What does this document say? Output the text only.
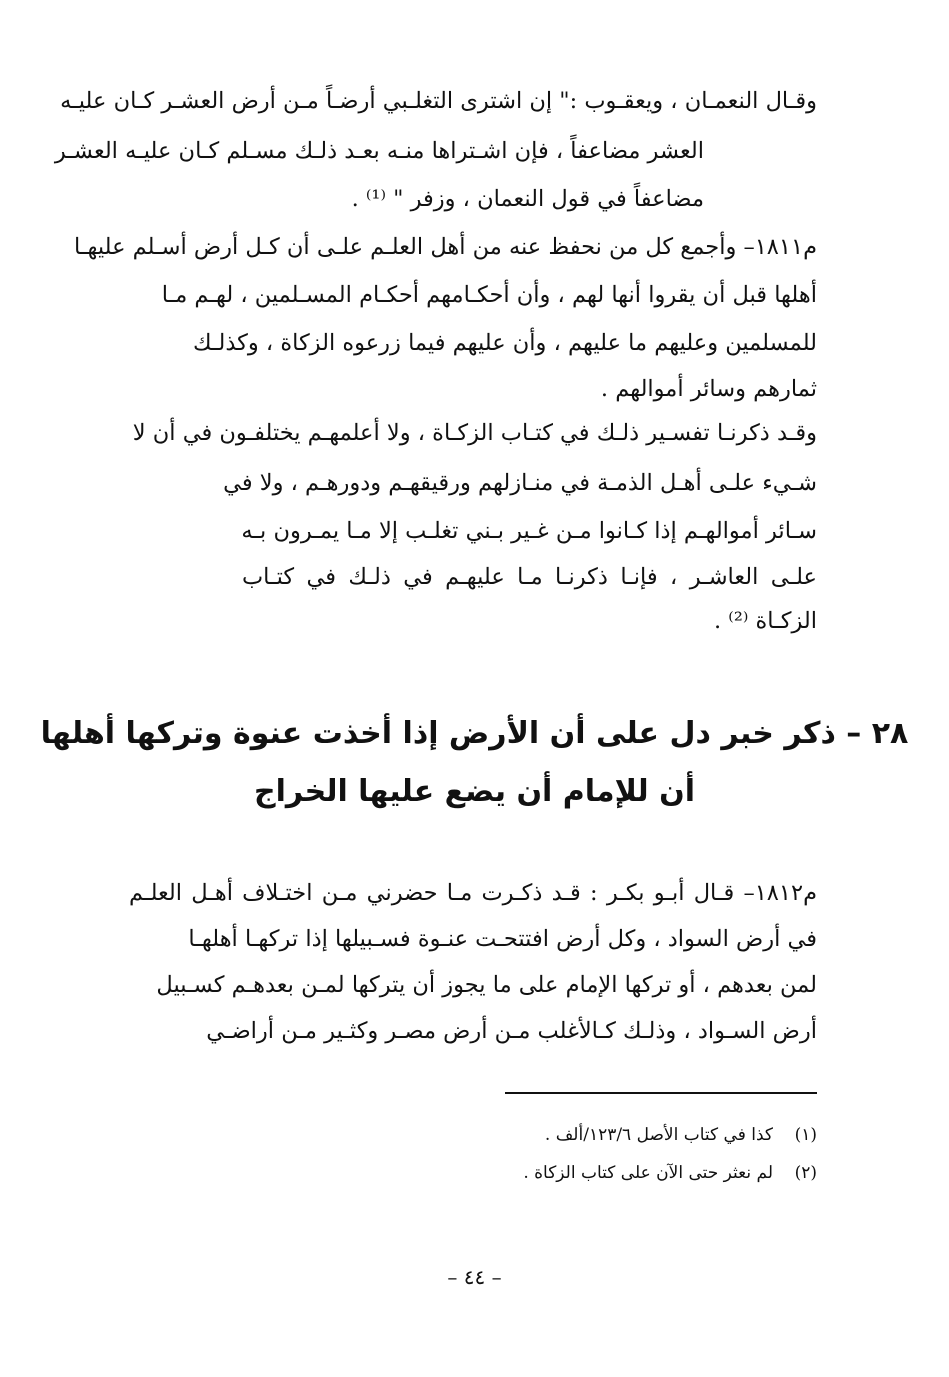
وقـال النعمـان ، ويعقـوب :" إن اشترى التغلـبي أرضـاً مـن أرض العشـر كـان عليـه
العشر مضاعفاً ، فإن اشـتراها منـه بعـد ذلـك مسـلم كـان عليـه العشـر
مضاعفاً في قول النعمان ، وزفر " ⁽¹⁾ .
م١٨١١– وأجمع كل من نحفظ عنه من أهل العلـم علـى أن كـل أرض أسـلم عليهـا
أهلها قبل أن يقروا أنها لهم ، وأن أحكـامهم أحكـام المسـلمين ، لهـم مـا
للمسلمين وعليهم ما عليهم ، وأن عليهم فيما زرعوه الزكاة ، وكذلـك
ثمارهم وسائر أموالهم .
وقـد ذكرنـا تفسـير ذلـك في كتـاب الزكـاة ، ولا أعلمهـم يختلفـون في أن لا
شـيء علـى أهـل الذمـة في منـازلهم ورقيقهـم ودورهـم ، ولا في
سـائر أموالهـم إذا كـانوا مـن غـير بـني تغلـب إلا مـا يمـرون بـه
علـى العاشـر ، فإنـا ذكرنـا مـا عليهـم في ذلـك في كتـاب
الزكـاة ⁽²⁾ .
٢٨ – ذكر خبر دل على أن الأرض إذا أخذت عنوة وتركها أهلها
أن للإمام أن يضع عليها الخراج
م١٨١٢– قـال أبـو بكـر : قـد ذكـرت مـا حضرني مـن اختـلاف أهـل العلـم
في أرض السواد ، وكل أرض افتتحـت عنـوة فسـبيلها إذا تركهـا أهلهـا
لمن بعدهم ، أو تركها الإمام على ما يجوز أن يتركها لمـن بعدهـم كسـبيل
أرض السـواد ، وذلـك كـالأغلب مـن أرض مصـر وكثـير مـن أراضـي
(١)كذا في كتاب الأصل ١٢٣/٦/ألف .
(٢)لم نعثر حتى الآن على كتاب الزكاة .
– ٤٤ –
